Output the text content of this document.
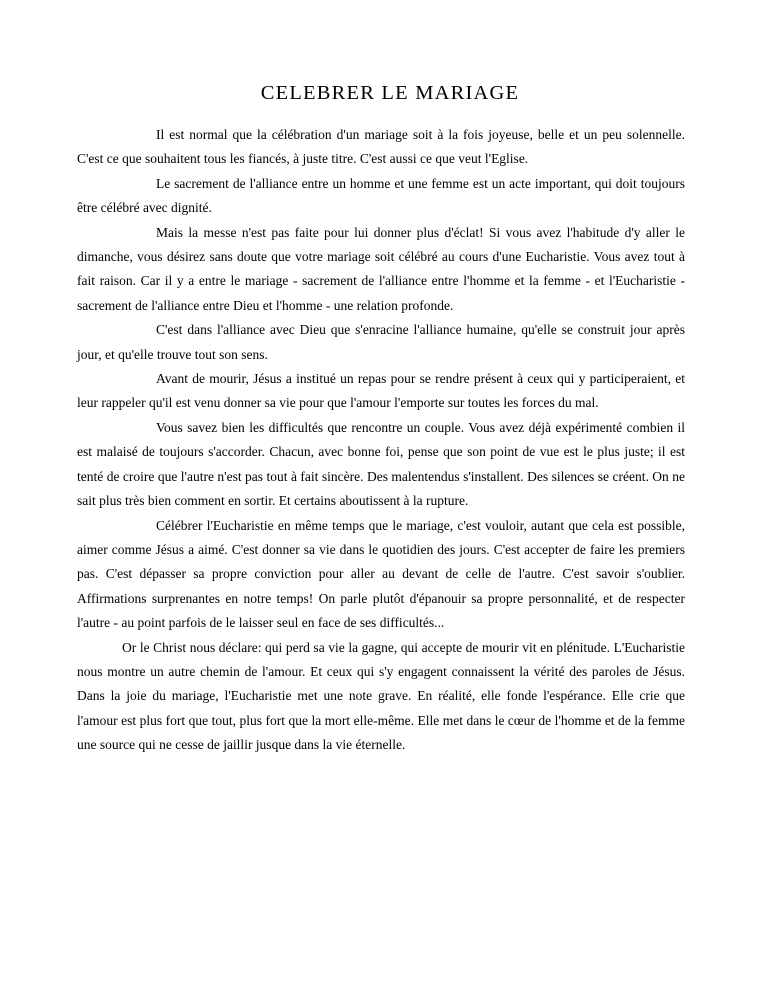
CELEBRER LE MARIAGE

Il est normal que la célébration d'un mariage soit à la fois joyeuse, belle et un peu solennelle. C'est ce que souhaitent tous les fiancés, à juste titre. C'est aussi ce que veut l'Eglise.

Le sacrement de l'alliance entre un homme et une femme est un acte important, qui doit toujours être célébré avec dignité.

Mais la messe n'est pas faite pour lui donner plus d'éclat! Si vous avez l'habitude d'y aller le dimanche, vous désirez sans doute que votre mariage soit célébré au cours d'une Eucharistie. Vous avez tout à fait raison. Car il y a entre le mariage - sacrement de l'alliance entre l'homme et la femme - et l'Eucharistie - sacrement de l'alliance entre Dieu et l'homme - une relation profonde.

C'est dans l'alliance avec Dieu que s'enracine l'alliance humaine, qu'elle se construit jour après jour, et qu'elle trouve tout son sens.

Avant de mourir, Jésus a institué un repas pour se rendre présent à ceux qui y participeraient, et leur rappeler qu'il est venu donner sa vie pour que l'amour l'emporte sur toutes les forces du mal.

Vous savez bien les difficultés que rencontre un couple. Vous avez déjà expérimenté combien il est malaisé de toujours s'accorder. Chacun, avec bonne foi, pense que son point de vue est le plus juste; il est tenté de croire que l'autre n'est pas tout à fait sincère. Des malentendus s'installent. Des silences se créent. On ne sait plus très bien comment en sortir. Et certains aboutissent à la rupture.

Célébrer l'Eucharistie en même temps que le mariage, c'est vouloir, autant que cela est possible, aimer comme Jésus a aimé. C'est donner sa vie dans le quotidien des jours. C'est accepter de faire les premiers pas. C'est dépasser sa propre conviction pour aller au devant de celle de l'autre. C'est savoir s'oublier. Affirmations surprenantes en notre temps! On parle plutôt d'épanouir sa propre personnalité, et de respecter l'autre - au point parfois de le laisser seul en face de ses difficultés...

Or le Christ nous déclare: qui perd sa vie la gagne, qui accepte de mourir vit en plénitude. L'Eucharistie nous montre un autre chemin de l'amour. Et ceux qui s'y engagent connaissent la vérité des paroles de Jésus. Dans la joie du mariage, l'Eucharistie met une note grave. En réalité, elle fonde l'espérance. Elle crie que l'amour est plus fort que tout, plus fort que la mort elle-même. Elle met dans le cœur de l'homme et de la femme une source qui ne cesse de jaillir jusque dans la vie éternelle.
